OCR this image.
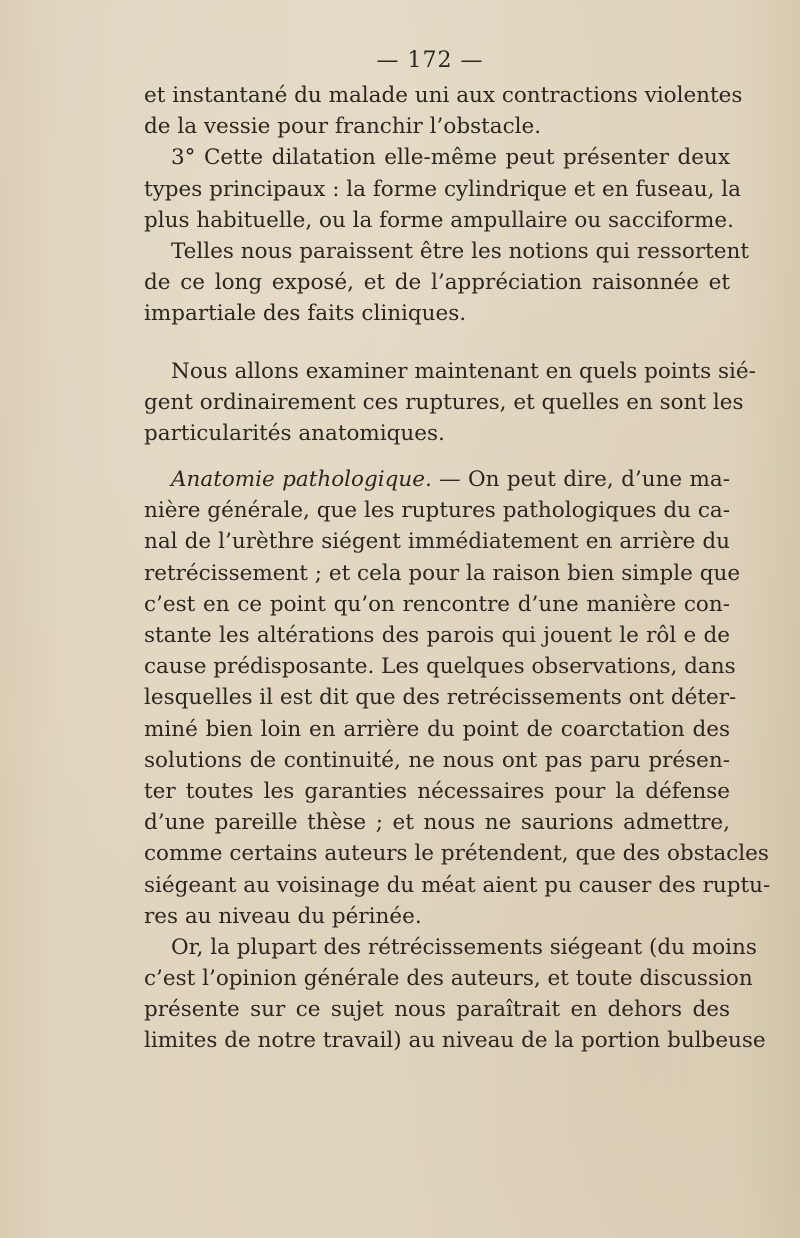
— 172 —
et instantané du malade uni aux contractions violentes
de la vessie pour franchir l’obstacle.
3° Cette dilatation elle-même peut présenter deux
types principaux : la forme cylindrique et en fuseau, la
plus habituelle, ou la forme ampullaire ou sacciforme.
Telles nous paraissent être les notions qui ressortent
de ce long exposé, et de l’appréciation raisonnée et
impartiale des faits cliniques.
Nous allons examiner maintenant en quels points sié-
gent ordinairement ces ruptures, et quelles en sont les
particularités anatomiques.
Anatomie pathologique. — On peut dire, d’une ma-
nière générale, que les ruptures pathologiques du ca-
nal de l’urèthre siégent immédiatement en arrière du
retrécissement ; et cela pour la raison bien simple que
c’est en ce point qu’on rencontre d’une manière con-
stante les altérations des parois qui jouent le rôl e de
cause prédisposante. Les quelques observations, dans
lesquelles il est dit que des retrécissements ont déter-
miné bien loin en arrière du point de coarctation des
solutions de continuité, ne nous ont pas paru présen-
ter toutes les garanties nécessaires pour la défense
d’une pareille thèse ; et nous ne saurions admettre,
comme certains auteurs le prétendent, que des obstacles
siégeant au voisinage du méat aient pu causer des ruptu-
res au niveau du périnée.
Or, la plupart des rétrécissements siégeant (du moins
c’est l’opinion générale des auteurs, et toute discussion
présente sur ce sujet nous paraîtrait en dehors des
limites de notre travail) au niveau de la portion bulbeuse
